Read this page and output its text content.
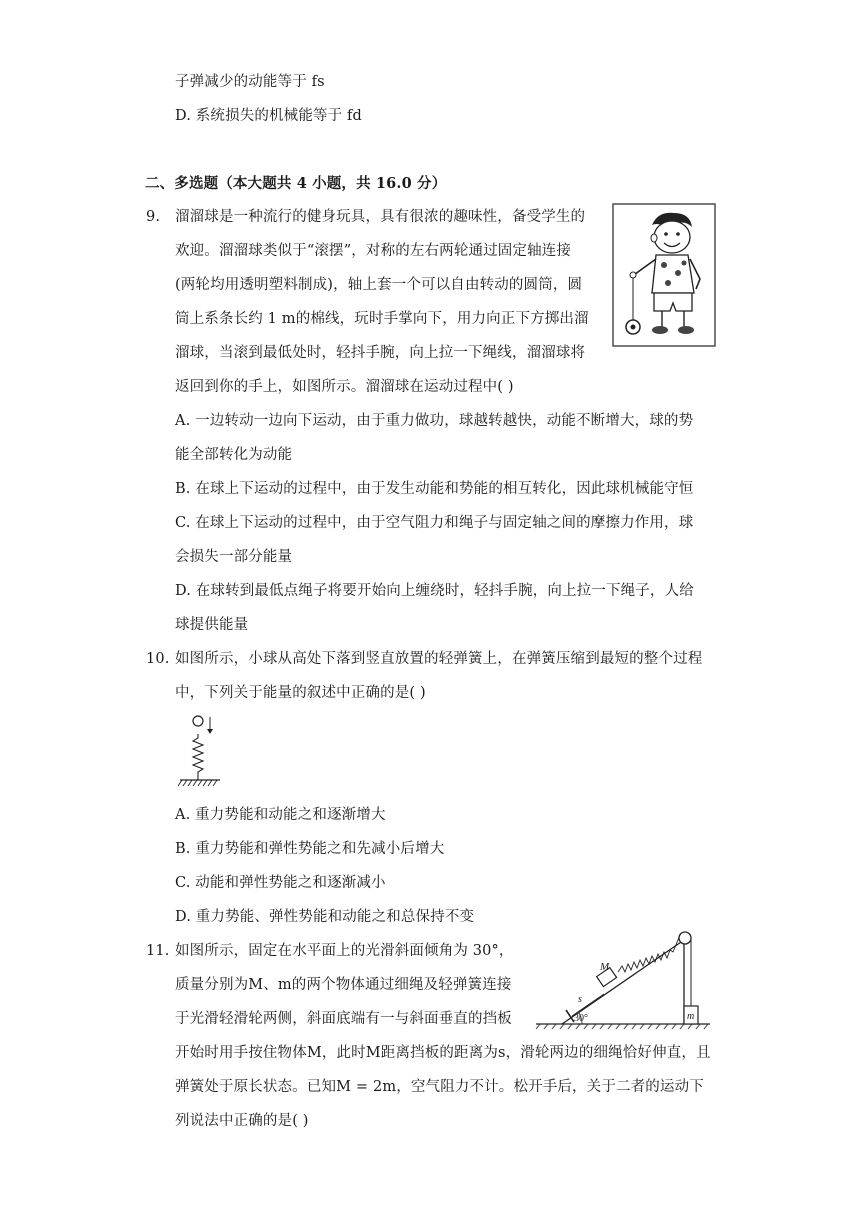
子弹减少的动能等于 fs
D. 系统损失的机械能等于 fd
二、多选题（本大题共 4 小题，共 16.0 分）
9. 溜溜球是一种流行的健身玩具，具有很浓的趣味性，备受学生的
欢迎。溜溜球类似于“滚摆”，对称的左右两轮通过固定轴连接
(两轮均用透明塑料制成)，轴上套一个可以自由转动的圆筒，圆
筒上系条长约 1 m的棉线，玩时手掌向下，用力向正下方掷出溜
溜球，当滚到最低处时，轻抖手腕，向上拉一下绳线，溜溜球将
返回到你的手上，如图所示。溜溜球在运动过程中( )
A. 一边转动一边向下运动，由于重力做功，球越转越快，动能不断增大，球的势
能全部转化为动能
B. 在球上下运动的过程中，由于发生动能和势能的相互转化，因此球机械能守恒
C. 在球上下运动的过程中，由于空气阻力和绳子与固定轴之间的摩擦力作用，球
会损失一部分能量
D. 在球转到最低点绳子将要开始向上缠绕时，轻抖手腕，向上拉一下绳子，人给
球提供能量
10. 如图所示，小球从高处下落到竖直放置的轻弹簧上，在弹簧压缩到最短的整个过程
中，下列关于能量的叙述中正确的是( )
A. 重力势能和动能之和逐渐增大
B. 重力势能和弹性势能之和先减小后增大
C. 动能和弹性势能之和逐渐减小
D. 重力势能、弹性势能和动能之和总保持不变
11. 如图所示，固定在水平面上的光滑斜面倾角为 30°，
质量分别为M、m的两个物体通过细绳及轻弹簧连接
于光滑轻滑轮两侧，斜面底端有一与斜面垂直的挡板
开始时用手按住物体M，此时M距离挡板的距离为s，滑轮两边的细绳恰好伸直，且
弹簧处于原长状态。已知M = 2m，空气阻力不计。松开手后，关于二者的运动下
列说法中正确的是( )
M
m
s
30°
